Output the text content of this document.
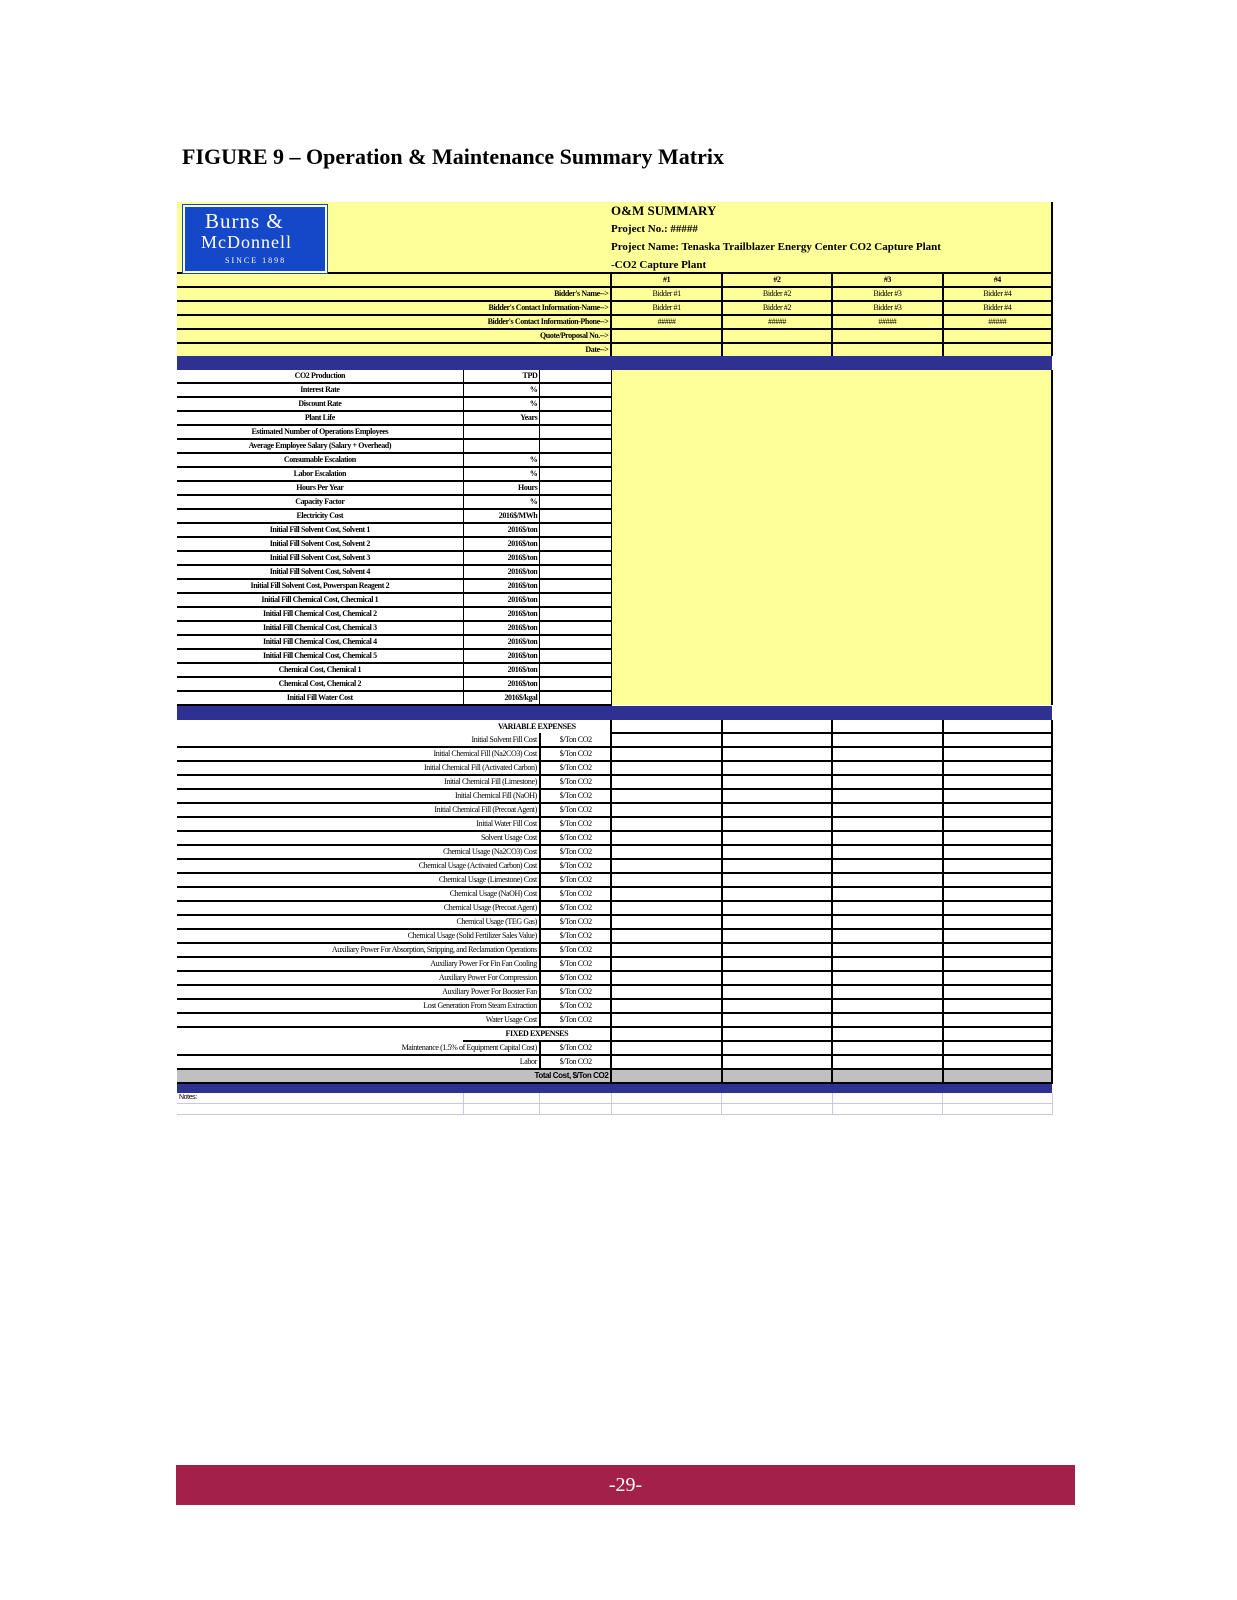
FIGURE 9 – Operation & Maintenance Summary Matrix
Burns &
McDonnell
SINCE 1898
O&M SUMMARY
Project No.: #####
Project Name: Tenaska Trailblazer Energy Center CO2 Capture Plant
-CO2 Capture Plant
			#1	#2	#3	#4
Bidder's Name-->			Bidder #1	Bidder #2	Bidder #3	Bidder #4
Bidder's Contact Information-Name-->			Bidder #1	Bidder #2	Bidder #3	Bidder #4
Bidder's Contact Information-Phone-->			#####	#####	#####	#####
Quote/Proposal No.-->						
Date-->						

CO2 Production	TPD					
Interest Rate	%					
Discount Rate	%					
Plant Life	Years					
Estimated Number of Operations Employees						
Average Employee Salary (Salary + Overhead)						
Consumable Escalation	%					
Labor Escalation	%					
Hours Per Year	Hours					
Capacity Factor	%					
Electricity Cost	2016$/MWh					
Initial Fill Solvent Cost, Solvent 1	2016$/ton					
Initial Fill Solvent Cost, Solvent 2	2016$/ton					
Initial Fill Solvent Cost, Solvent 3	2016$/ton					
Initial Fill Solvent Cost, Solvent 4	2016$/ton					
Initial Fill Solvent Cost, Powerspan Reagent 2	2016$/ton					
Initial Fill Chemical Cost, Checmical 1	2016$/ton					
Initial Fill Chemical Cost, Chemical 2	2016$/ton					
Initial Fill Chemical Cost, Chemical 3	2016$/ton					
Initial Fill Chemical Cost, Chemical 4	2016$/ton					
Initial Fill Chemical Cost, Chemical 5	2016$/ton					
Chemical Cost, Chemical 1	2016$/ton					
Chemical Cost, Chemical 2	2016$/ton					
Initial Fill Water Cost	2016$/kgal					

	VARIABLE EXPENSES					
Initial Solvent Fill Cost		$/Ton CO2				
Initial Chemical Fill (Na2CO3) Cost		$/Ton CO2				
Initial Chemical Fill (Activated Carbon)		$/Ton CO2				
Initial Chemical Fill (Limestone)		$/Ton CO2				
Initial Chemical Fill (NaOH)		$/Ton CO2				
Initial Chemical Fill (Precoat Agent)		$/Ton CO2				
Initial Water Fill Cost		$/Ton CO2				
Solvent Usage Cost		$/Ton CO2				
Chemical Usage (Na2CO3) Cost		$/Ton CO2				
Chemical Usage (Activated Carbon) Cost		$/Ton CO2				
Chemical Usage (Limestone) Cost		$/Ton CO2				
Chemical Usage (NaOH) Cost		$/Ton CO2				
Chemical Usage (Precoat Agent)		$/Ton CO2				
Chemical Usage (TEG Gas)		$/Ton CO2				
Chemical Usage (Solid Fertilizer Sales Value)		$/Ton CO2				
Auxiliary Power For Absorption, Stripping, and Reclamation Operations		$/Ton CO2				
Auxiliary Power For Fin Fan Cooling		$/Ton CO2				
Auxiliary Power For Compression		$/Ton CO2				
Auxiliary Power For Booster Fan		$/Ton CO2				
Lost Generation From Steam Extraction		$/Ton CO2				
Water Usage Cost		$/Ton CO2				
	FIXED EXPENSES					
Maintenance (1.5% of Equipment Capital Cost)		$/Ton CO2				
Labor		$/Ton CO2				
Total Cost, $/Ton CO2						

Notes:						

-29-
